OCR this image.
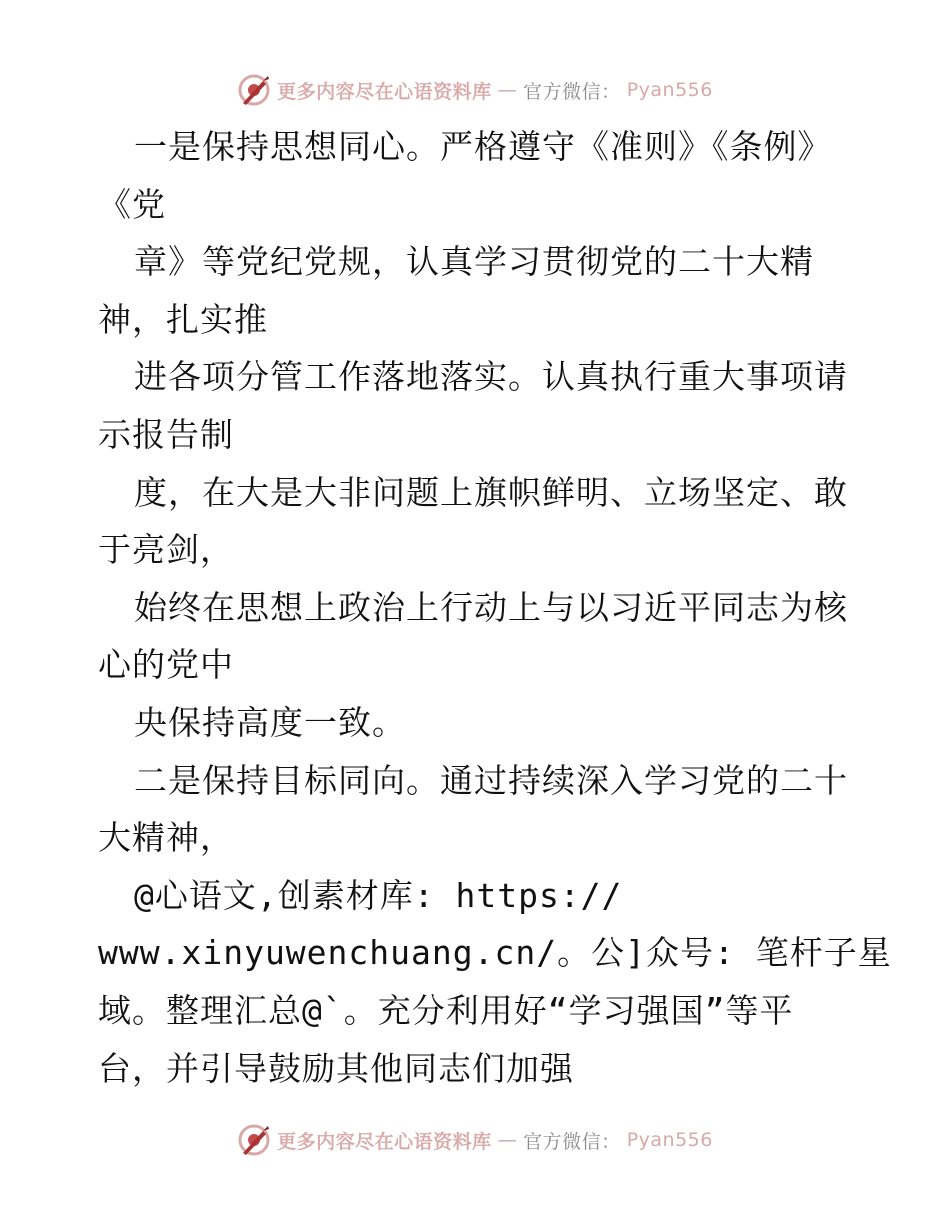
更多内容尽在心语资料库 — 官方微信： Pyan556
一是保持思想同心。严格遵守《准则》《条例》
《党
章》等党纪党规，认真学习贯彻党的二十大精
神，扎实推
进各项分管工作落地落实。认真执行重大事项请
示报告制
度，在大是大非问题上旗帜鲜明、立场坚定、敢
于亮剑，
始终在思想上政治上行动上与以习近平同志为核
心的党中
央保持高度一致。
二是保持目标同向。通过持续深入学习党的二十
大精神，
@心语文,创素材库: https://
www.xinyuwenchuang.cn/。公]众号: 笔杆子星
域。整理汇总@`。充分利用好“学习强国”等平
台，并引导鼓励其他同志们加强
更多内容尽在心语资料库 — 官方微信： Pyan556
